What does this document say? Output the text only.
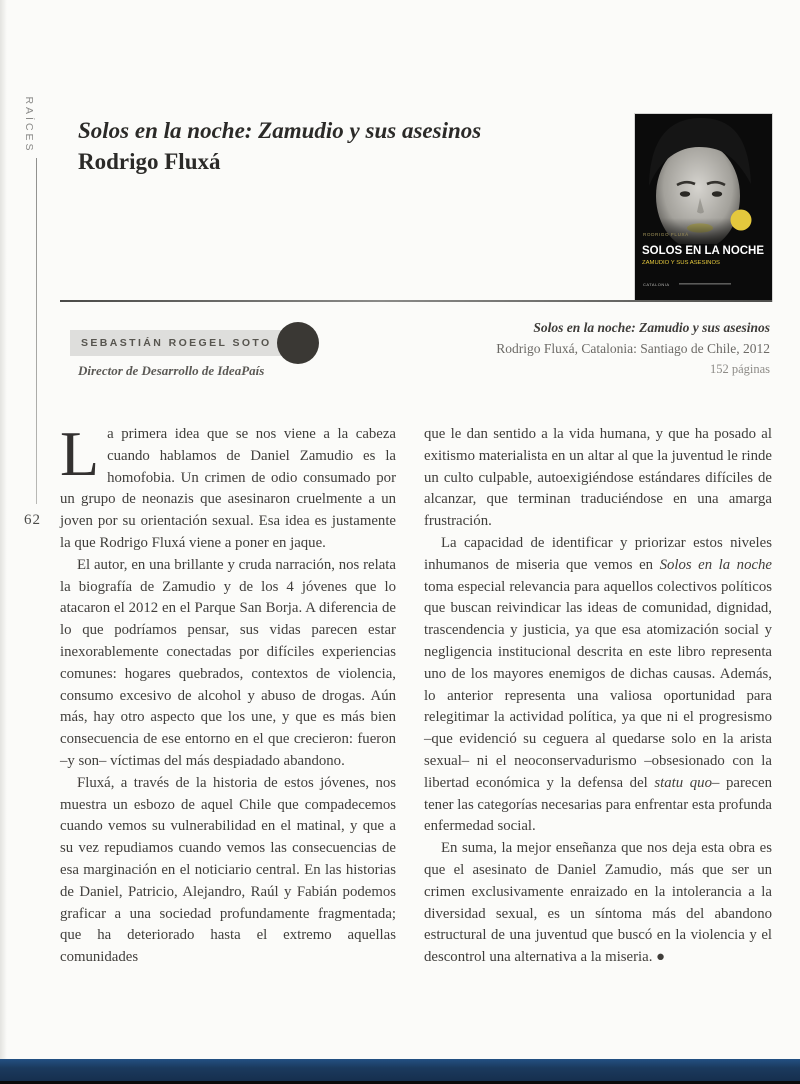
RAÍCES
62
Solos en la noche: Zamudio y sus asesinos
Rodrigo Fluxá
RODRIGO FLUXÁ
SOLOS EN LA NOCHE
ZAMUDIO Y SUS ASESINOS
CATALONIA
SEBASTIÁN ROEGEL SOTO
Director de Desarrollo de IdeaPaís
Solos en la noche: Zamudio y sus asesinos
Rodrigo Fluxá, Catalonia: Santiago de Chile, 2012
152 páginas

La primera idea que se nos viene a la cabeza cuando hablamos de Daniel Zamudio es la homofobia. Un crimen de odio consumado por un grupo de neonazis que asesinaron cruelmente a un joven por su orientación sexual. Esa idea es justamente la que Rodrigo Fluxá viene a poner en jaque.

El autor, en una brillante y cruda narración, nos relata la biografía de Zamudio y de los 4 jóvenes que lo atacaron el 2012 en el Parque San Borja. A diferencia de lo que podríamos pensar, sus vidas parecen estar inexorablemente conectadas por difíciles experiencias comunes: hogares quebrados, contextos de violencia, consumo excesivo de alcohol y abuso de drogas. Aún más, hay otro aspecto que los une, y que es más bien consecuencia de ese entorno en el que crecieron: fueron –y son– víctimas del más despiadado abandono.

Fluxá, a través de la historia de estos jóvenes, nos muestra un esbozo de aquel Chile que compadecemos cuando vemos su vulnerabilidad en el matinal, y que a su vez repudiamos cuando vemos las consecuencias de esa marginación en el noticiario central. En las historias de Daniel, Patricio, Alejandro, Raúl y Fabián podemos graficar a una sociedad profundamente fragmentada; que ha deteriorado hasta el extremo aquellas comunidades

que le dan sentido a la vida humana, y que ha posado al exitismo materialista en un altar al que la juventud le rinde un culto culpable, autoexigiéndose estándares difíciles de alcanzar, que terminan traduciéndose en una amarga frustración.

La capacidad de identificar y priorizar estos niveles inhumanos de miseria que vemos en Solos en la noche toma especial relevancia para aquellos colectivos políticos que buscan reivindicar las ideas de comunidad, dignidad, trascendencia y justicia, ya que esa atomización social y negligencia institucional descrita en este libro representa uno de los mayores enemigos de dichas causas. Además, lo anterior representa una valiosa oportunidad para relegitimar la actividad política, ya que ni el progresismo –que evidenció su ceguera al quedarse solo en la arista sexual– ni el neoconservadurismo –obsesionado con la libertad económica y la defensa del statu quo– parecen tener las categorías necesarias para enfrentar esta profunda enfermedad social.

En suma, la mejor enseñanza que nos deja esta obra es que el asesinato de Daniel Zamudio, más que ser un crimen exclusivamente enraizado en la intolerancia a la diversidad sexual, es un síntoma más del abandono estructural de una juventud que buscó en la violencia y el descontrol una alternativa a la miseria. ●
